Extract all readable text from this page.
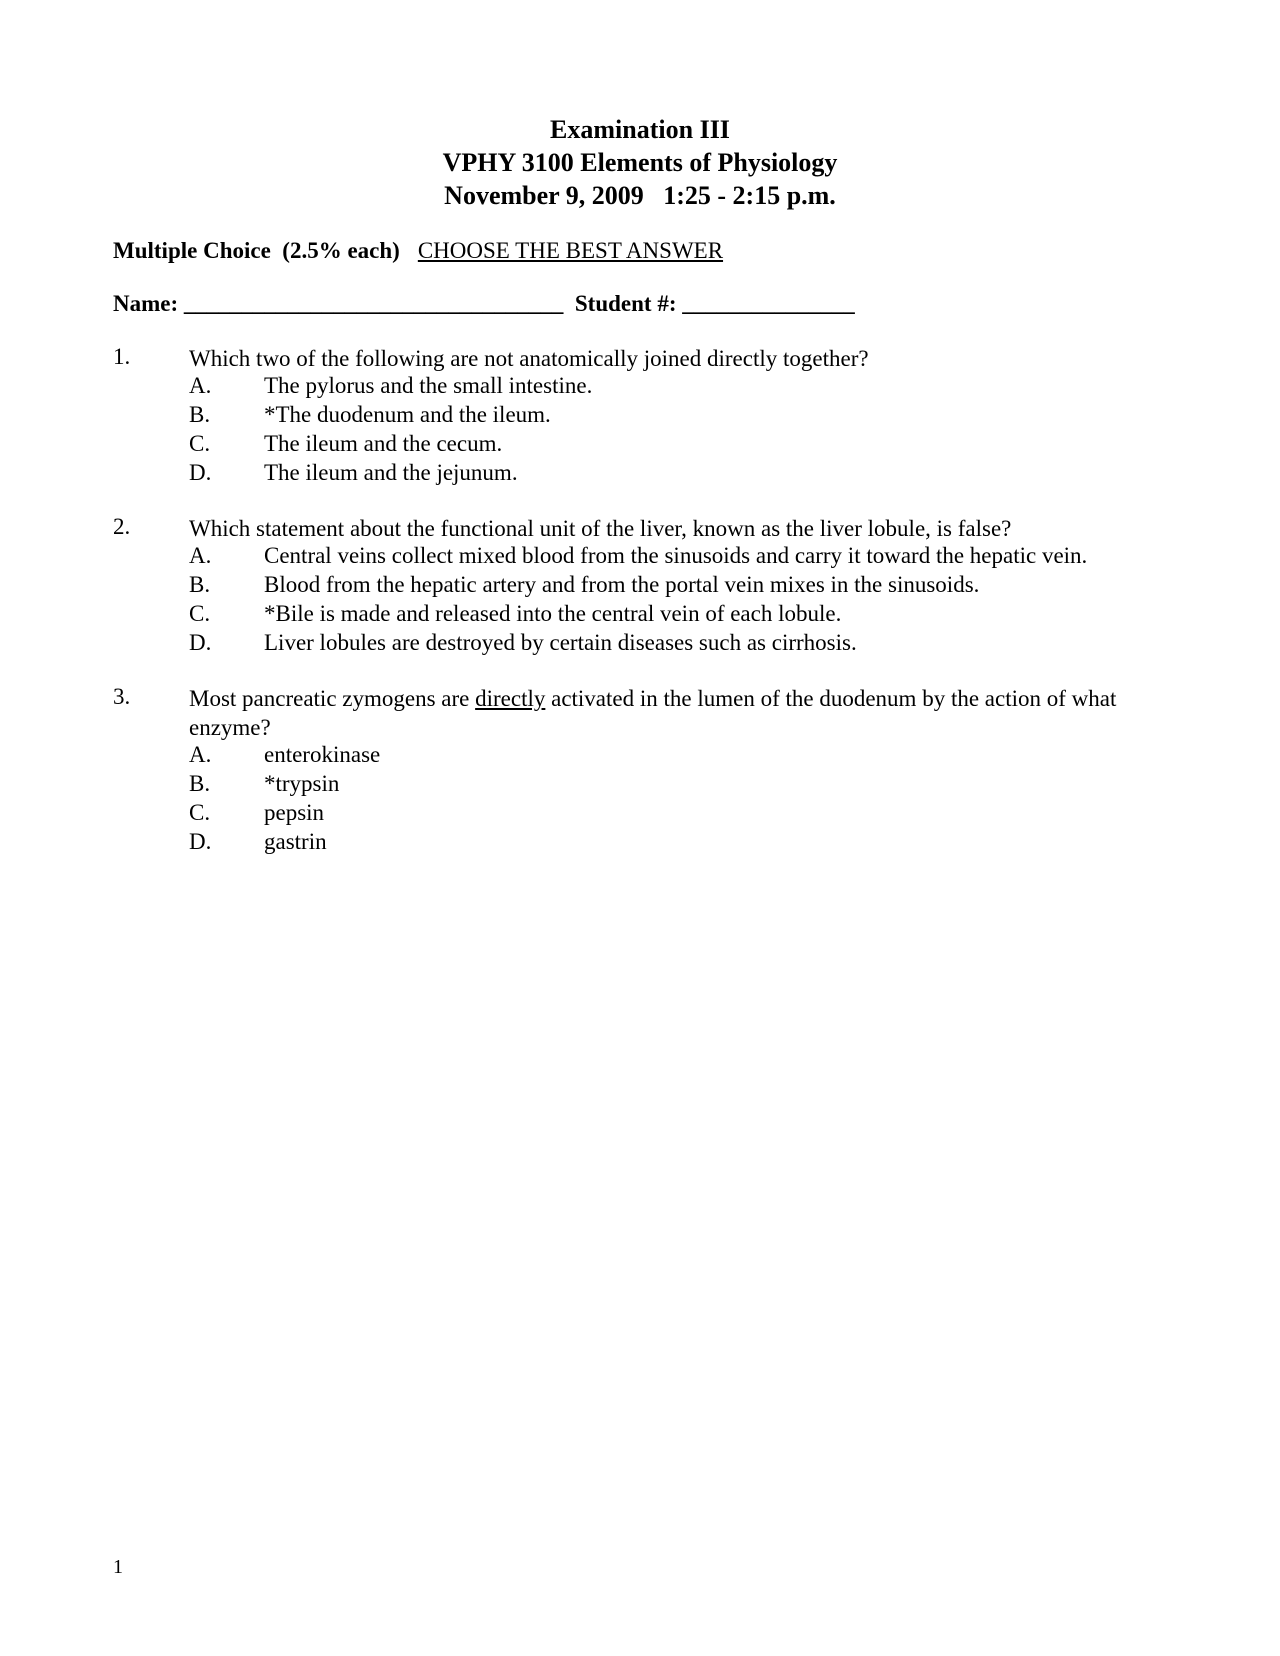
Examination III
VPHY 3100 Elements of Physiology
November 9, 2009   1:25 - 2:15 p.m.
Multiple Choice  (2.5% each) CHOOSE THE BEST ANSWER
Name: _________________________________  Student #: _______________
1.	Which two of the following are not anatomically joined directly together?
A. The pylorus and the small intestine.
B. *The duodenum and the ileum.
C. The ileum and the cecum.
D. The ileum and the jejunum.
2.	Which statement about the functional unit of the liver, known as the liver lobule, is false?
A. Central veins collect mixed blood from the sinusoids and carry it toward the hepatic vein.
B. Blood from the hepatic artery and from the portal vein mixes in the sinusoids.
C. *Bile is made and released into the central vein of each lobule.
D. Liver lobules are destroyed by certain diseases such as cirrhosis.
3.	Most pancreatic zymogens are directly activated in the lumen of the duodenum by the action of what enzyme?
A. enterokinase
B. *trypsin
C. pepsin
D. gastrin
1
